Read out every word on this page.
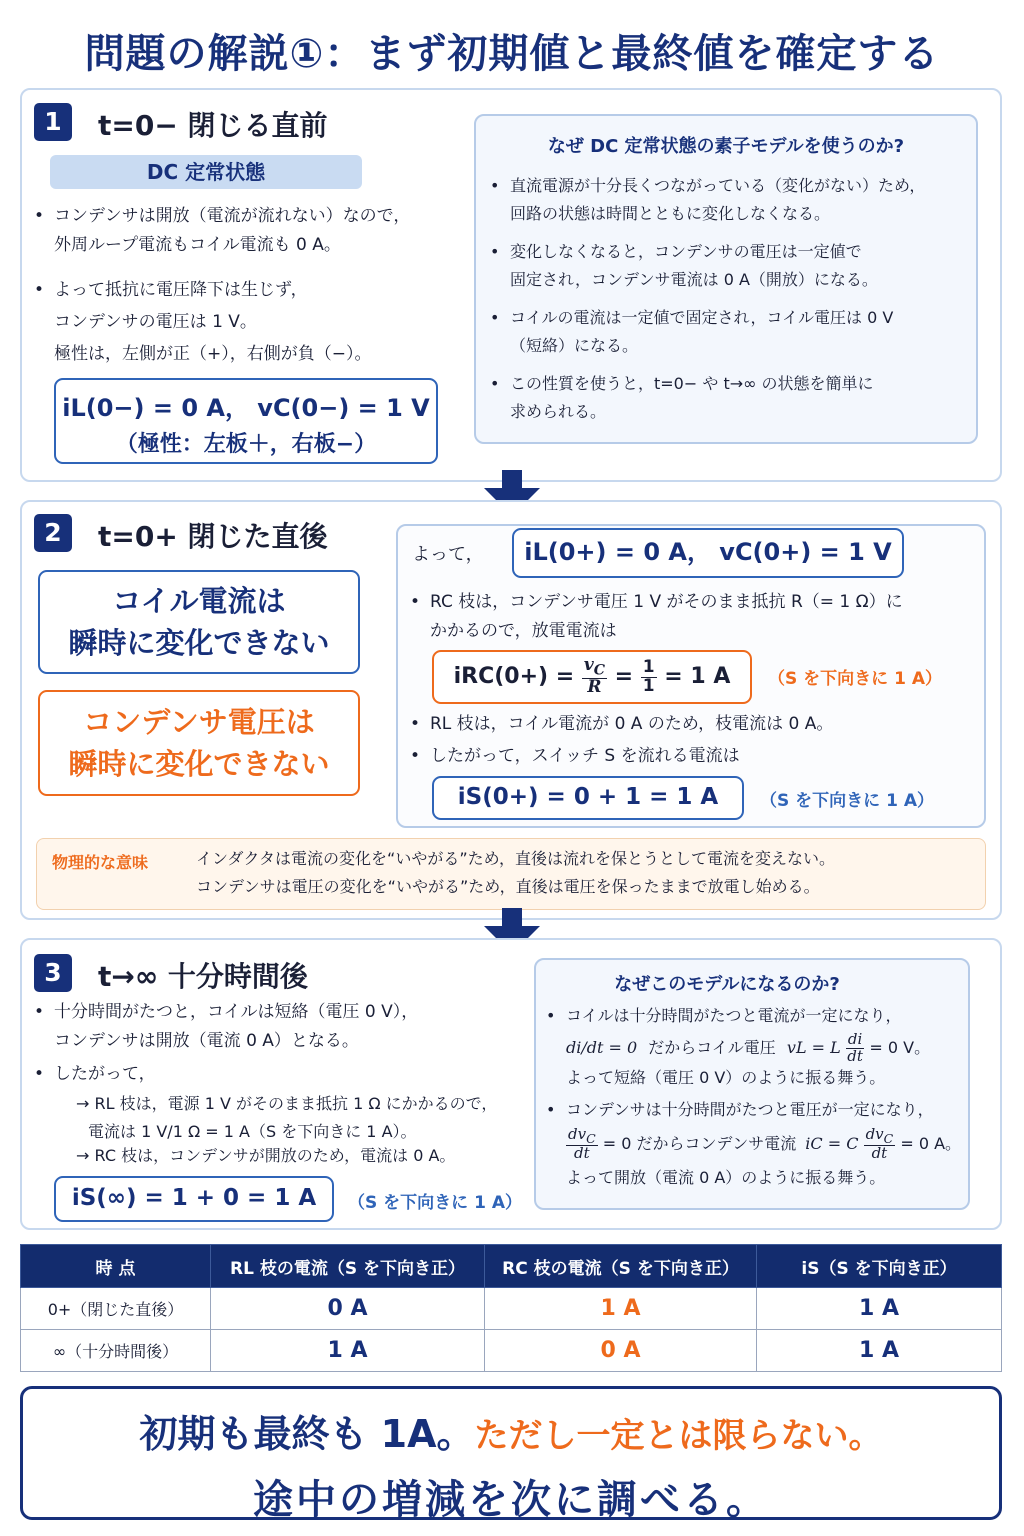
問題の解説①：まず初期値と最終値を確定する
1	t=0− 閉じる直前
DC 定常状態
• コンデンサは開放（電流が流れない）なので，
外周ループ電流もコイル電流も 0 A。
• よって抵抗に電圧降下は生じず，
コンデンサの電圧は 1 V。
極性は，左側が正（+），右側が負（−）。
iL(0−) = 0 A， vC(0−) = 1 V
（極性：左板＋，右板−）
なぜ DC 定常状態の素子モデルを使うのか?
• 直流電源が十分長くつながっている（変化がない）ため，
回路の状態は時間とともに変化しなくなる。
• 変化しなくなると，コンデンサの電圧は一定値で
固定され，コンデンサ電流は 0 A（開放）になる。
• コイルの電流は一定値で固定され，コイル電圧は 0 V
（短絡）になる。
• この性質を使うと，t=0− や t→∞ の状態を簡単に
求められる。
2	t=0+ 閉じた直後
コイル電流は
瞬時に変化できない
コンデンサ電圧は
瞬時に変化できない
よって，	iL(0+) = 0 A， vC(0+) = 1 V
• RC 枝は，コンデンサ電圧 1 V がそのまま抵抗 R（= 1 Ω）に
かかるので，放電電流は
$iRC(0+) = \frac{v_C}{R} = \frac{1}{1} = 1$ A	（S を下向きに 1 A）
• RL 枝は，コイル電流が 0 A のため，枝電流は 0 A。
• したがって，スイッチ S を流れる電流は
iS(0+) = 0 + 1 = 1 A	（S を下向きに 1 A）
物理的な意味	インダクタは電流の変化を“いやがる”ため，直後は流れを保とうとして電流を変えない。
コンデンサは電圧の変化を“いやがる”ため，直後は電圧を保ったままで放電し始める。
3	t→∞ 十分時間後
• 十分時間がたつと，コイルは短絡（電圧 0 V），
コンデンサは開放（電流 0 A）となる。
• したがって，
→ RL 枝は，電源 1 V がそのまま抵抗 1 Ω にかかるので，
電流は 1 V/1 Ω = 1 A（S を下向きに 1 A）。
→ RC 枝は，コンデンサが開放のため，電流は 0 A。
iS(∞) = 1 + 0 = 1 A	（S を下向きに 1 A）
なぜこのモデルになるのか?
• コイルは十分時間がたつと電流が一定になり，
di/dt = 0 だからコイル電圧 vL = L $\frac{di}{dt} = 0$ V。
よって短絡（電圧 0 V）のように振る舞う。
• コンデンサは十分時間がたつと電圧が一定になり，
$\frac{dv_C}{dt} = 0$ だからコンデンサ電流 iC = C $\frac{dv_C}{dt} = 0$ A。
よって開放（電流 0 A）のように振る舞う。
時 点	RL 枝の電流（S を下向き正）	RC 枝の電流（S を下向き正）	iS（S を下向き正）
0+（閉じた直後）	0 A	1 A	1 A
∞（十分時間後）	1 A	0 A	1 A
初期も最終も 1A。ただし一定とは限らない。
途中の増減を次に調べる。
